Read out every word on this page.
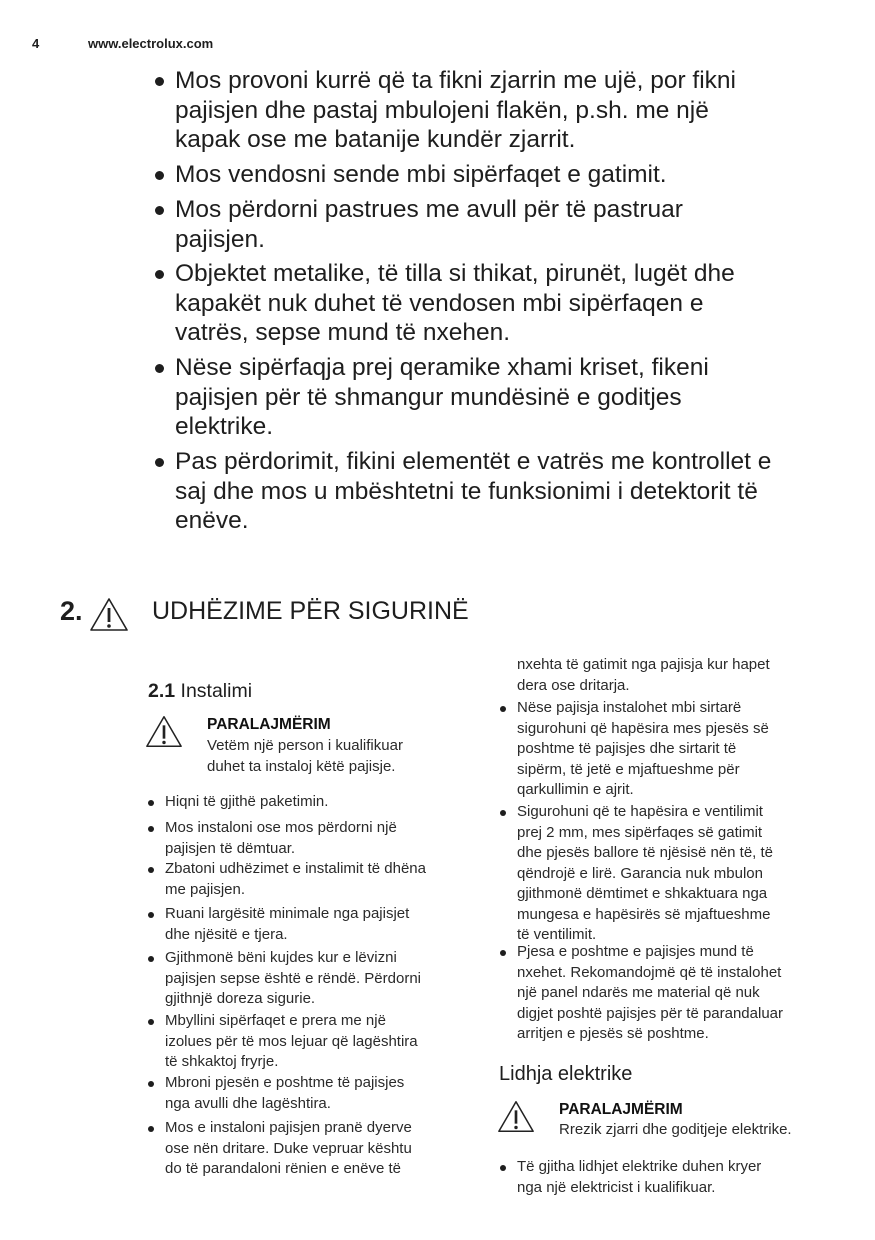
4	www.electrolux.com
Mos provoni kurrë që ta fikni zjarrin me ujë, por fikni
pajisjen dhe pastaj mbulojeni flakën, p.sh. me një
kapak ose me batanije kundër zjarrit.
Mos vendosni sende mbi sipërfaqet e gatimit.
Mos përdorni pastrues me avull për të pastruar
pajisjen.
Objektet metalike, të tilla si thikat, pirunët, lugët dhe
kapakët nuk duhet të vendosen mbi sipërfaqen e
vatrës, sepse mund të nxehen.
Nëse sipërfaqja prej qeramike xhami kriset, fikeni
pajisjen për të shmangur mundësinë e goditjes
elektrike.
Pas përdorimit, fikini elementët e vatrës me kontrollet e
saj dhe mos u mbështetni te funksionimi i detektorit të
enëve.
2.	UDHËZIME PËR SIGURINË
2.1 Instalimi
PARALAJMËRIM
Vetëm një person i kualifikuar
duhet ta instaloj këtë pajisje.
Hiqni të gjithë paketimin.
Mos instaloni ose mos përdorni një
pajisjen të dëmtuar.
Zbatoni udhëzimet e instalimit të dhëna
me pajisjen.
Ruani largësitë minimale nga pajisjet
dhe njësitë e tjera.
Gjithmonë bëni kujdes kur e lëvizni
pajisjen sepse është e rëndë. Përdorni
gjithnjë doreza sigurie.
Mbyllini sipërfaqet e prera me një
izolues për të mos lejuar që lagështira
të shkaktoj fryrje.
Mbroni pjesën e poshtme të pajisjes
nga avulli dhe lagështira.
Mos e instaloni pajisjen pranë dyerve
ose nën dritare. Duke vepruar kështu
do të parandaloni rënien e enëve të
nxehta të gatimit nga pajisja kur hapet
dera ose dritarja.
Nëse pajisja instalohet mbi sirtarë
sigurohuni që hapësira mes pjesës së
poshtme të pajisjes dhe sirtarit të
sipërm, të jetë e mjaftueshme për
qarkullimin e ajrit.
Sigurohuni që te hapësira e ventilimit
prej 2 mm, mes sipërfaqes së gatimit
dhe pjesës ballore të njësisë nën të, të
qëndrojë e lirë. Garancia nuk mbulon
gjithmonë dëmtimet e shkaktuara nga
mungesa e hapësirës së mjaftueshme
të ventilimit.
Pjesa e poshtme e pajisjes mund të
nxehet. Rekomandojmë që të instalohet
një panel ndarës me material që nuk
digjet poshtë pajisjes për të parandaluar
arritjen e pjesës së poshtme.
Lidhja elektrike
PARALAJMËRIM
Rrezik zjarri dhe goditjeje elektrike.
Të gjitha lidhjet elektrike duhen kryer
nga një elektricist i kualifikuar.
